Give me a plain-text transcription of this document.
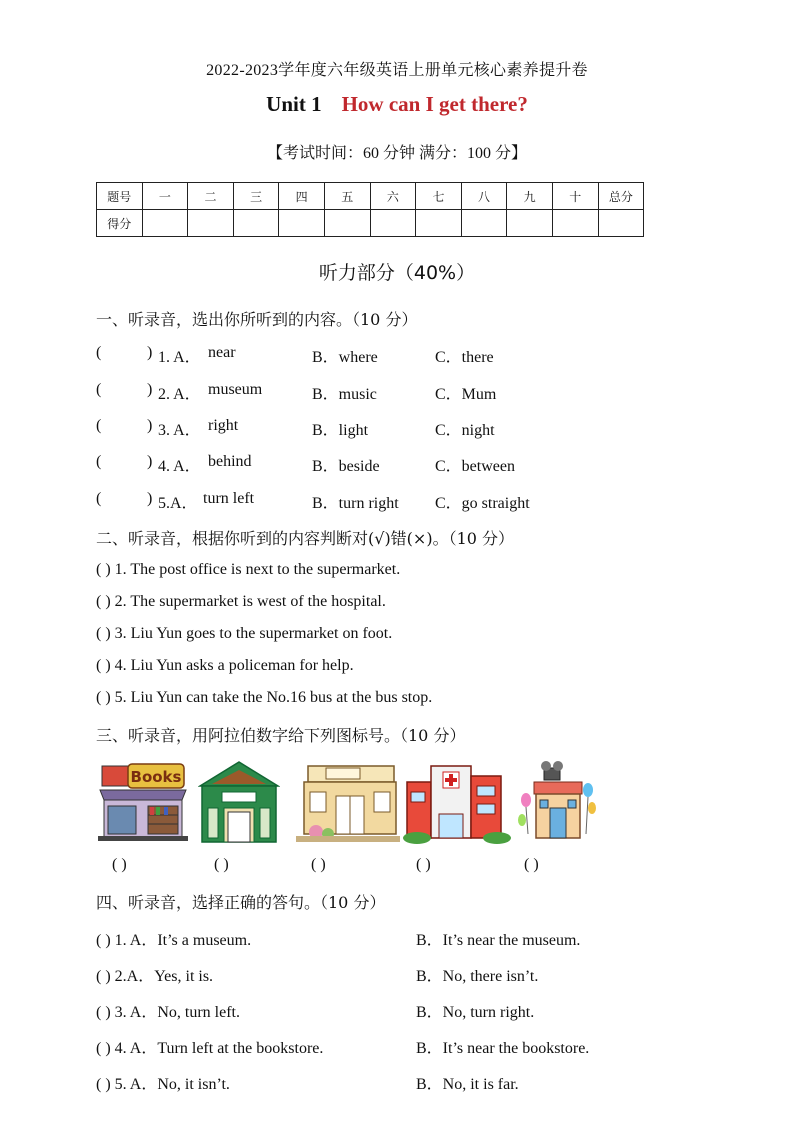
2022-2023学年度六年级英语上册单元核心素养提升卷
Unit 1 How can I get there?
【考试时间：60 分钟 满分：100 分】
题号	一	二	三	四	五	六	七	八	九	十	总分
得分											
听力部分（40%）
一、听录音，选出你所听到的内容。（10 分）
(	) 1. A． near	B．where	C．there
(	) 2. A． museum	B．music	C．Mum
(	) 3. A． right	B．light	C．night
(	) 4. A． behind	B．beside	C．between
(	) 5.A． turn left	B．turn right C．go straight
二、听录音，根据你听到的内容判断对(√)错(×)。（10 分）
( ) 1. The post office is next to the supermarket.
( ) 2. The supermarket is west of the hospital.
( ) 3. Liu Yun goes to the supermarket on foot.
( ) 4. Liu Yun asks a policeman for help.
( ) 5. Liu Yun can take the No.16 bus at the bus stop.
三、听录音，用阿拉伯数字给下列图标号。（10 分）
Books
( )	( )	( )	( )	( )
四、听录音，选择正确的答句。（10 分）
( ) 1. A．It’s a museum.	B．It’s near the museum.
( ) 2.A．Yes, it is.	B．No, there isn’t.
( ) 3. A．No, turn left.	B．No, turn right.
( ) 4. A．Turn left at the bookstore.	B．It’s near the bookstore.
( ) 5. A．No, it isn’t.	B．No, it is far.
